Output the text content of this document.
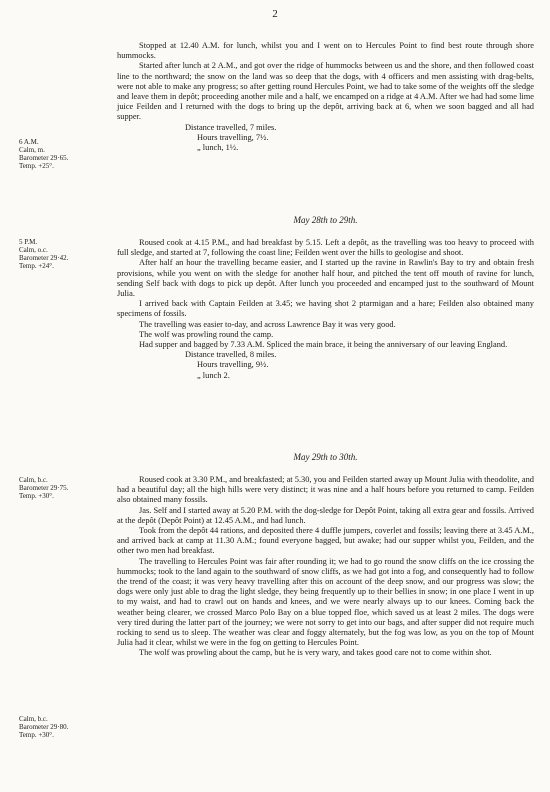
2
6 A.M.
Calm, m.
Barometer 29·65.
Temp. +25°.

Stopped at 12.40 A.M. for lunch, whilst you and I went on to Hercules Point to find best route through shore hummocks.

Started after lunch at 2 A.M., and got over the ridge of hummocks between us and the shore, and then followed coast line to the northward; the snow on the land was so deep that the dogs, with 4 officers and men assisting with drag-belts, were not able to make any progress; so after getting round Hercules Point, we had to take some of the weights off the sledge and leave them in depôt; proceeding another mile and a half, we encamped on a ridge at 4 A.M. After we had had some lime juice Feilden and I returned with the dogs to bring up the depôt, arriving back at 6, when we soon bagged and all had supper.

Distance travelled, 7 miles.

Hours travelling, 7½.

„ lunch, 1½.

May 28th to 29th.
5 P.M.
Calm, o.c.
Barometer 29·42.
Temp. +24°.

Roused cook at 4.15 P.M., and had breakfast by 5.15. Left a depôt, as the travelling was too heavy to proceed with full sledge, and started at 7, following the coast line; Feilden went over the hills to geologise and shoot.

After half an hour the travelling became easier, and I started up the ravine in Rawlin's Bay to try and obtain fresh provisions, while you went on with the sledge for another half hour, and pitched the tent off mouth of ravine for lunch, sending Self back with dogs to pick up depôt. After lunch you proceeded and encamped just to the southward of Mount Julia.

I arrived back with Captain Feilden at 3.45; we having shot 2 ptarmigan and a hare; Feilden also obtained many specimens of fossils.

The travelling was easier to-day, and across Lawrence Bay it was very good.

The wolf was prowling round the camp.

Had supper and bagged by 7.33 A.M. Spliced the main brace, it being the anniversary of our leaving England.

Distance travelled, 8 miles.

Hours travelling, 9½.

„ lunch 2.

May 29th to 30th.
Calm, b.c.
Barometer 29·75.
Temp. +30°.

Roused cook at 3.30 P.M., and breakfasted; at 5.30, you and Feilden started away up Mount Julia with theodolite, and had a beautiful day; all the high hills were very distinct; it was nine and a half hours before you returned to camp. Feilden also obtained many fossils.

Jas. Self and I started away at 5.20 P.M. with the dog-sledge for Depôt Point, taking all extra gear and fossils. Arrived at the depôt (Depôt Point) at 12.45 A.M., and had lunch.

Took from the depôt 44 rations, and deposited there 4 duffle jumpers, coverlet and fossils; leaving there at 3.45 A.M., and arrived back at camp at 11.30 A.M.; found everyone bagged, but awake; had our supper whilst you, Feilden, and the other two men had breakfast.

The travelling to Hercules Point was fair after rounding it; we had to go round the snow cliffs on the ice crossing the hummocks; took to the land again to the southward of snow cliffs, as we had got into a fog, and consequently had to follow the trend of the coast; it was very heavy travelling after this on account of the deep snow, and our progress was slow; the dogs were only just able to drag the light sledge, they being frequently up to their bellies in snow; in one place I went in up to my waist, and had to crawl out on hands and knees, and we were nearly always up to our knees. Coming back the weather being clearer, we crossed Marco Polo Bay on a blue topped floe, which saved us at least 2 miles. The dogs were very tired during the latter part of the journey; we were not sorry to get into our bags, and after supper did not require much rocking to send us to sleep. The weather was clear and foggy alternately, but the fog was low, as you on the top of Mount Julia had it clear, whilst we were in the fog on getting to Hercules Point.

The wolf was prowling about the camp, but he is very wary, and takes good care not to come within shot.

Calm, b.c.
Barometer 29·80.
Temp. +30°.
